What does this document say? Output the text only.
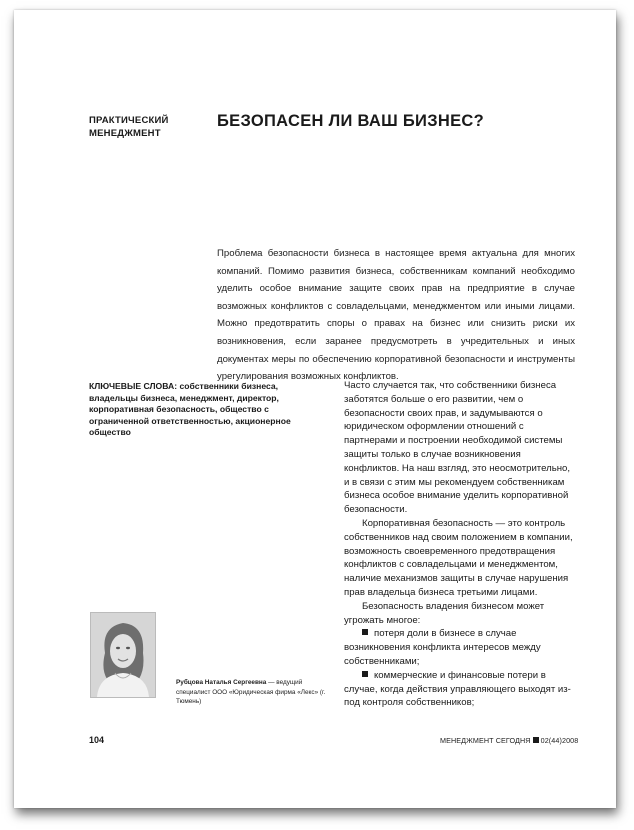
ПРАКТИЧЕСКИЙ МЕНЕДЖМЕНТ
БЕЗОПАСЕН ЛИ ВАШ БИЗНЕС?
Проблема безопасности бизнеса в настоящее время актуальна для многих компаний. Помимо развития бизнеса, собственникам компаний необходимо уделить особое внимание защите своих прав на предприятие в случае возможных конфликтов с совладельцами, менеджментом или иными лицами. Можно предотвратить споры о правах на бизнес или снизить риски их возникновения, если заранее предусмотреть в учредительных и иных документах меры по обеспечению корпоративной безопасности и инструменты урегулирования возможных конфликтов.
КЛЮЧЕВЫЕ СЛОВА: собственники бизнеса, владельцы бизнеса, менеджмент, директор, корпоративная безопасность, общество с ограниченной ответственностью, акционерное общество

Часто случается так, что собственники бизнеса заботятся больше о его развитии, чем о безопасности своих прав, и задумываются о юридическом оформлении отношений с партнерами и построении необходимой системы защиты только в случае возникновения конфликтов. На наш взгляд, это неосмотрительно, и в связи с этим мы рекомендуем собственникам бизнеса особое внимание уделить корпоративной безопасности.

Корпоративная безопасность — это контроль собственников над своим положением в компании, возможность своевременного предотвращения конфликтов с совладельцами и менеджментом, наличие механизмов защиты в случае нарушения прав владельца бизнеса третьими лицами.

Безопасность владения бизнесом может угрожать многое:

потеря доли в бизнесе в случае возникновения конфликта интересов между собственниками;

коммерческие и финансовые потери в случае, когда действия управляющего выходят из-под контроля собственников;

Рубцова Наталья Сергеевна — ведущий специалист ООО «Юридическая фирма «Лекс» (г. Тюмень)
104	МЕНЕДЖМЕНТ СЕГОДНЯ 02(44)2008
